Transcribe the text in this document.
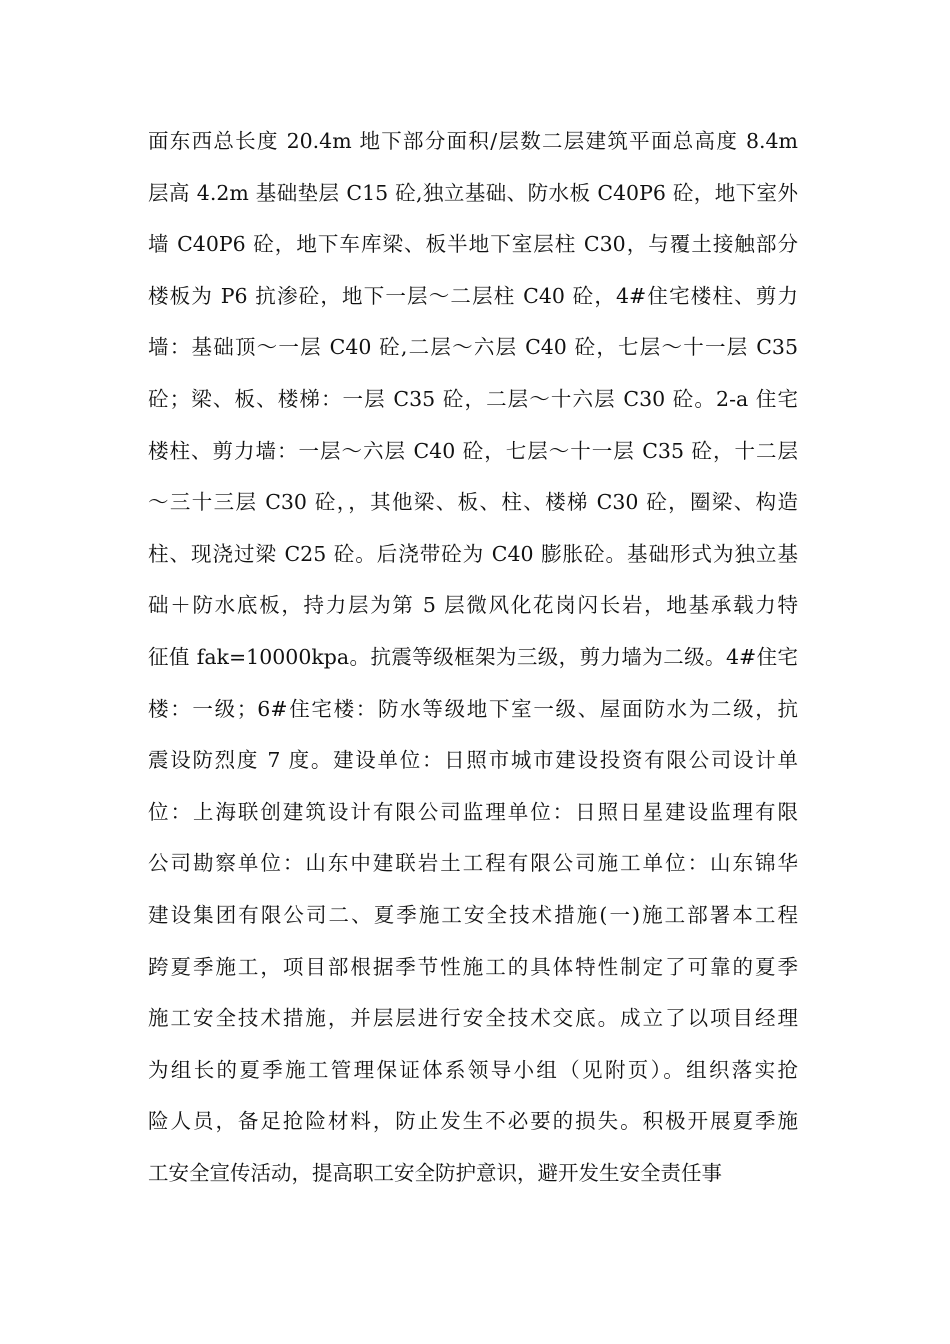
面东西总长度 20.4m 地下部分面积/层数二层建筑平面总高度 8.4m
层高 4.2m 基础垫层 C15 砼,独立基础、防水板 C40P6 砼，地下室外
墙 C40P6 砼，地下车库梁、板半地下室层柱 C30，与覆土接触部分
楼板为 P6 抗渗砼，地下一层～二层柱 C40 砼，4#住宅楼柱、剪力
墙：基础顶～一层 C40 砼,二层～六层 C40 砼，七层～十一层 C35
砼；梁、板、楼梯：一层 C35 砼，二层～十六层 C30 砼。2-a 住宅
楼柱、剪力墙：一层～六层 C40 砼，七层～十一层 C35 砼，十二层
～三十三层 C30 砼，，其他梁、板、柱、楼梯 C30 砼，圈梁、构造
柱、现浇过梁 C25 砼。后浇带砼为 C40 膨胀砼。基础形式为独立基
础＋防水底板，持力层为第 5 层微风化花岗闪长岩，地基承载力特
征值 fak=10000kpa。抗震等级框架为三级，剪力墙为二级。4#住宅
楼：一级；6#住宅楼：防水等级地下室一级、屋面防水为二级，抗
震设防烈度 7 度。建设单位：日照市城市建设投资有限公司设计单
位：上海联创建筑设计有限公司监理单位：日照日星建设监理有限
公司勘察单位：山东中建联岩土工程有限公司施工单位：山东锦华
建设集团有限公司二、夏季施工安全技术措施(一)施工部署本工程
跨夏季施工，项目部根据季节性施工的具体特性制定了可靠的夏季
施工安全技术措施，并层层进行安全技术交底。成立了以项目经理
为组长的夏季施工管理保证体系领导小组（见附页）。组织落实抢
险人员，备足抢险材料，防止发生不必要的损失。积极开展夏季施
工安全宣传活动，提高职工安全防护意识，避开发生安全责任事
